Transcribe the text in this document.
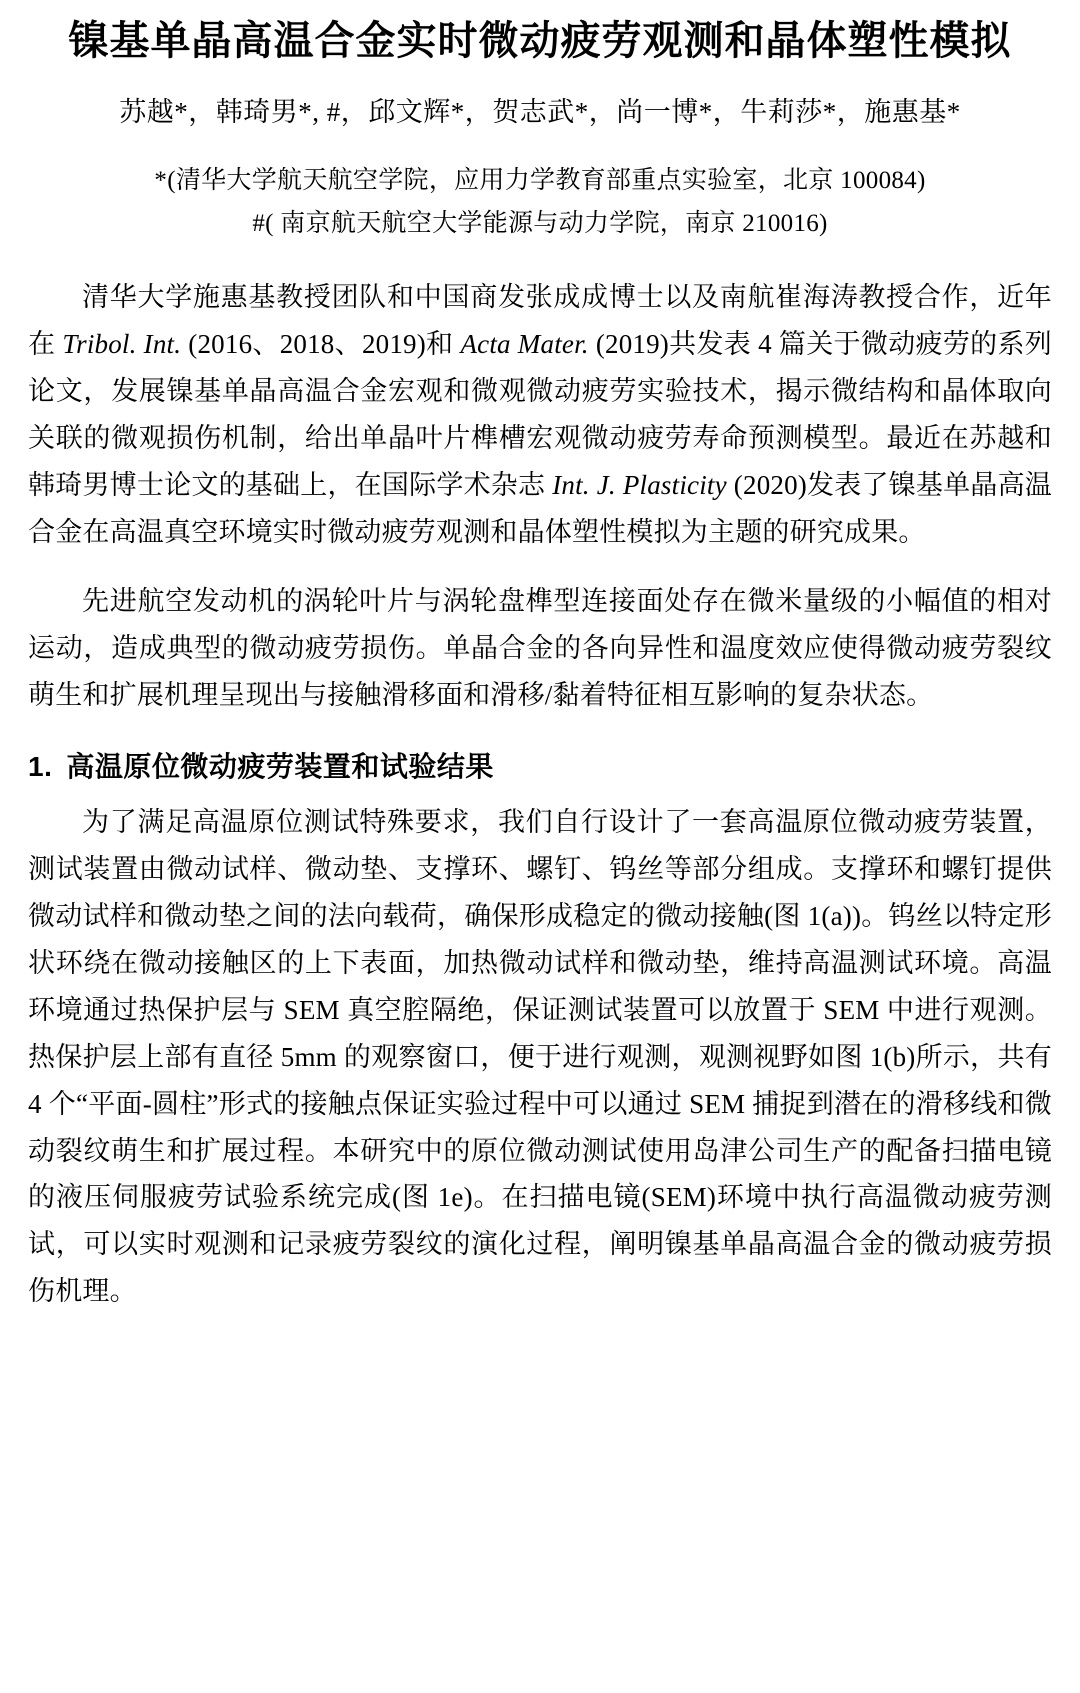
镍基单晶高温合金实时微动疲劳观测和晶体塑性模拟
苏越*，韩琦男*, #，邱文辉*，贺志武*，尚一博*，牛莉莎*，施惠基*
*(清华大学航天航空学院，应用力学教育部重点实验室，北京 100084)
#( 南京航天航空大学能源与动力学院，南京 210016)

清华大学施惠基教授团队和中国商发张成成博士以及南航崔海涛教授合作，近年在 Tribol. Int. (2016、2018、2019)和 Acta Mater. (2019)共发表 4 篇关于微动疲劳的系列论文，发展镍基单晶高温合金宏观和微观微动疲劳实验技术，揭示微结构和晶体取向关联的微观损伤机制，给出单晶叶片榫槽宏观微动疲劳寿命预测模型。最近在苏越和韩琦男博士论文的基础上，在国际学术杂志 Int. J. Plasticity (2020)发表了镍基单晶高温合金在高温真空环境实时微动疲劳观测和晶体塑性模拟为主题的研究成果。

先进航空发动机的涡轮叶片与涡轮盘榫型连接面处存在微米量级的小幅值的相对运动，造成典型的微动疲劳损伤。单晶合金的各向异性和温度效应使得微动疲劳裂纹萌生和扩展机理呈现出与接触滑移面和滑移/黏着特征相互影响的复杂状态。

1. 高温原位微动疲劳装置和试验结果

为了满足高温原位测试特殊要求，我们自行设计了一套高温原位微动疲劳装置，测试装置由微动试样、微动垫、支撑环、螺钉、钨丝等部分组成。支撑环和螺钉提供微动试样和微动垫之间的法向载荷，确保形成稳定的微动接触(图 1(a))。钨丝以特定形状环绕在微动接触区的上下表面，加热微动试样和微动垫，维持高温测试环境。高温环境通过热保护层与 SEM 真空腔隔绝，保证测试装置可以放置于 SEM 中进行观测。热保护层上部有直径 5mm 的观察窗口，便于进行观测，观测视野如图 1(b)所示，共有 4 个“平面-圆柱”形式的接触点保证实验过程中可以通过 SEM 捕捉到潜在的滑移线和微动裂纹萌生和扩展过程。本研究中的原位微动测试使用岛津公司生产的配备扫描电镜的液压伺服疲劳试验系统完成(图 1e)。在扫描电镜(SEM)环境中执行高温微动疲劳测试，可以实时观测和记录疲劳裂纹的演化过程，阐明镍基单晶高温合金的微动疲劳损伤机理。
